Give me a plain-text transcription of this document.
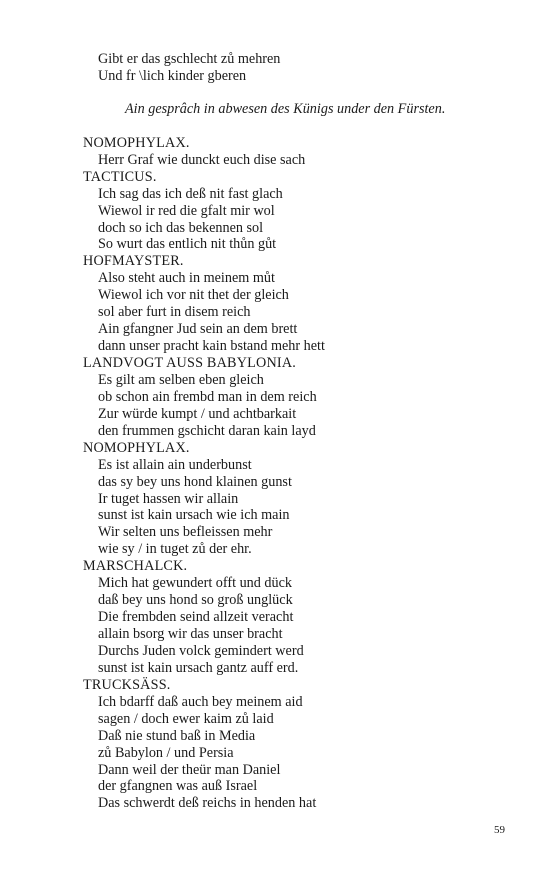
Gibt er das gschlecht zů mehren
Und fr \lich kinder gberen
Ain gesprâch in abwesen des Künigs under den Fürsten.
NOMOPHYLAX.
Herr Graf wie dunckt euch dise sach
TACTICUS.
Ich sag das ich deß nit fast glach
Wiewol ir red die gfalt mir wol
doch so ich das bekennen sol
So wurt das entlich nit thůn gůt
HOFMAYSTER.
Also steht auch in meinem můt
Wiewol ich vor nit thet der gleich
sol aber furt in disem reich
Ain gfangner Jud sein an dem brett
dann unser pracht kain bstand mehr hett
LANDVOGT AUSS BABYLONIA.
Es gilt am selben eben gleich
ob schon ain frembd man in dem reich
Zur würde kumpt / und achtbarkait
den frummen gschicht daran kain layd
NOMOPHYLAX.
Es ist allain ain underbunst
das sy bey uns hond klainen gunst
Ir tuget hassen wir allain
sunst ist kain ursach wie ich main
Wir selten uns befleissen mehr
wie sy / in tuget zů der ehr.
MARSCHALCK.
Mich hat gewundert offt und dück
daß bey uns hond so groß unglück
Die frembden seind allzeit veracht
allain bsorg wir das unser bracht
Durchs Juden volck gemindert werd
sunst ist kain ursach gantz auff erd.
TRUCKSÄSS.
Ich bdarff daß auch bey meinem aid
sagen / doch ewer kaim zů laid
Daß nie stund baß in Media
zů Babylon / und Persia
Dann weil der theür man Daniel
der gfangnen was auß Israel
Das schwerdt deß reichs in henden hat
59
